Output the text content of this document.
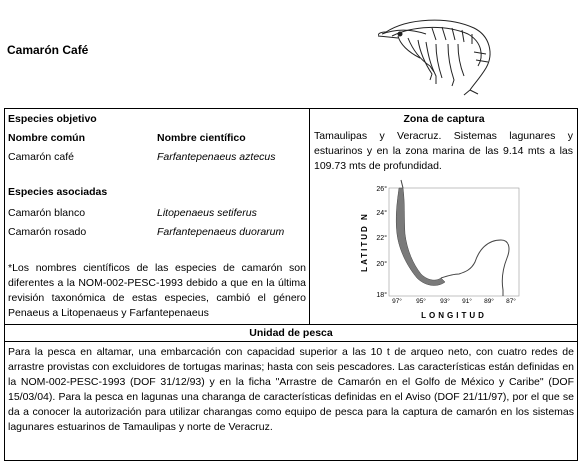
Camarón Café
Especies objetivo
Nombre común	Nombre científico
Camarón café	Farfantepenaeus aztecus
Especies asociadas
Camarón blanco	Litopenaeus setiferus
Camarón rosado	Farfantepenaeus duorarum
*Los nombres científicos de las especies de camarón son diferentes a la NOM-002-PESC-1993 debido a que en la última revisión taxonómica de estas especies, cambió el género Penaeus a Litopenaeus y Farfantepenaeus
Zona de captura
Tamaulipas y Veracruz. Sistemas lagunares y estuarinos y en la zona marina de las 9.14 mts a las 109.73 mts de profundidad.
Unidad de pesca
Para la pesca en altamar, una embarcación con capacidad superior a las 10 t de arqueo neto, con cuatro redes de arrastre provistas con excluidores de tortugas marinas; hasta con seis pescadores. Las características están definidas en la NOM-002-PESC-1993 (DOF 31/12/93) y en la ficha "Arrastre de Camarón en el Golfo de México y Caribe" (DOF 15/03/04). Para la pesca en lagunas una charanga de características definidas en el Aviso (DOF 21/11/97), por el que se da a conocer la autorización para utilizar charangas como equipo de pesca para la captura de camarón en los sistemas lagunares estuarinos de Tamaulipas y norte de Veracruz.
LATITUD N
26°
24°
22°
20°
18°
97° 95° 93° 91° 89° 87°
LONGITUD
